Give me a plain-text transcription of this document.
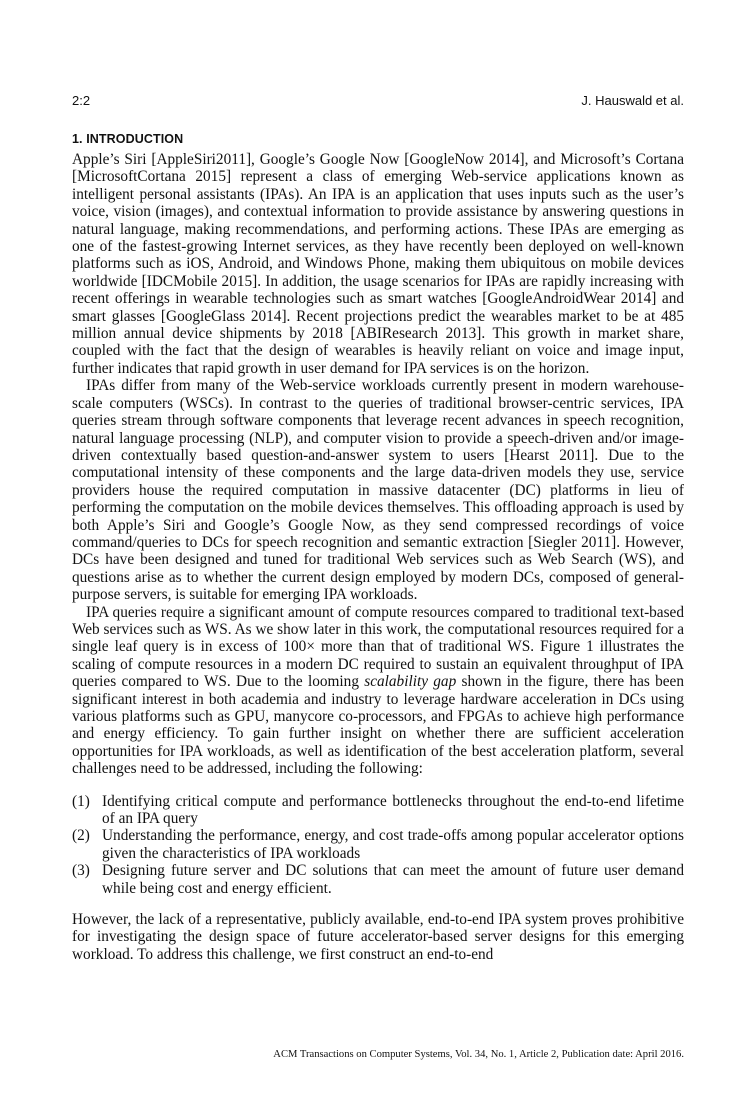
2:2	J. Hauswald et al.
1. INTRODUCTION

Apple’s Siri [AppleSiri2011], Google’s Google Now [GoogleNow 2014], and Microsoft’s Cortana [MicrosoftCortana 2015] represent a class of emerging Web-service applications known as intelligent personal assistants (IPAs). An IPA is an application that uses inputs such as the user’s voice, vision (images), and contextual information to provide assistance by answering questions in natural language, making recommendations, and performing actions. These IPAs are emerging as one of the fastest-growing Internet services, as they have recently been deployed on well-known platforms such as iOS, Android, and Windows Phone, making them ubiquitous on mobile devices worldwide [IDCMobile 2015]. In addition, the usage scenarios for IPAs are rapidly increasing with recent offerings in wearable technologies such as smart watches [GoogleAndroidWear 2014] and smart glasses [GoogleGlass 2014]. Recent projections predict the wearables market to be at 485 million annual device shipments by 2018 [ABIResearch 2013]. This growth in market share, coupled with the fact that the design of wearables is heavily reliant on voice and image input, further indicates that rapid growth in user demand for IPA services is on the horizon.

IPAs differ from many of the Web-service workloads currently present in modern warehouse-scale computers (WSCs). In contrast to the queries of traditional browser-centric services, IPA queries stream through software components that leverage recent advances in speech recognition, natural language processing (NLP), and computer vision to provide a speech-driven and/or image-driven contextually based question-and-answer system to users [Hearst 2011]. Due to the computational intensity of these components and the large data-driven models they use, service providers house the required computation in massive datacenter (DC) platforms in lieu of performing the computation on the mobile devices themselves. This offloading approach is used by both Apple’s Siri and Google’s Google Now, as they send compressed recordings of voice command/queries to DCs for speech recognition and semantic extraction [Siegler 2011]. However, DCs have been designed and tuned for traditional Web services such as Web Search (WS), and questions arise as to whether the current design employed by modern DCs, composed of general-purpose servers, is suitable for emerging IPA workloads.

IPA queries require a significant amount of compute resources compared to traditional text-based Web services such as WS. As we show later in this work, the computational resources required for a single leaf query is in excess of 100× more than that of traditional WS. Figure 1 illustrates the scaling of compute resources in a modern DC required to sustain an equivalent throughput of IPA queries compared to WS. Due to the looming scalability gap shown in the figure, there has been significant interest in both academia and industry to leverage hardware acceleration in DCs using various platforms such as GPU, manycore co-processors, and FPGAs to achieve high performance and energy efficiency. To gain further insight on whether there are sufficient acceleration opportunities for IPA workloads, as well as identification of the best acceleration platform, several challenges need to be addressed, including the following:

(1) Identifying critical compute and performance bottlenecks throughout the end-to-end lifetime of an IPA query
(2) Understanding the performance, energy, and cost trade-offs among popular accelerator options given the characteristics of IPA workloads
(3) Designing future server and DC solutions that can meet the amount of future user demand while being cost and energy efficient.

However, the lack of a representative, publicly available, end-to-end IPA system proves prohibitive for investigating the design space of future accelerator-based server designs for this emerging workload. To address this challenge, we first construct an end-to-end

ACM Transactions on Computer Systems, Vol. 34, No. 1, Article 2, Publication date: April 2016.
